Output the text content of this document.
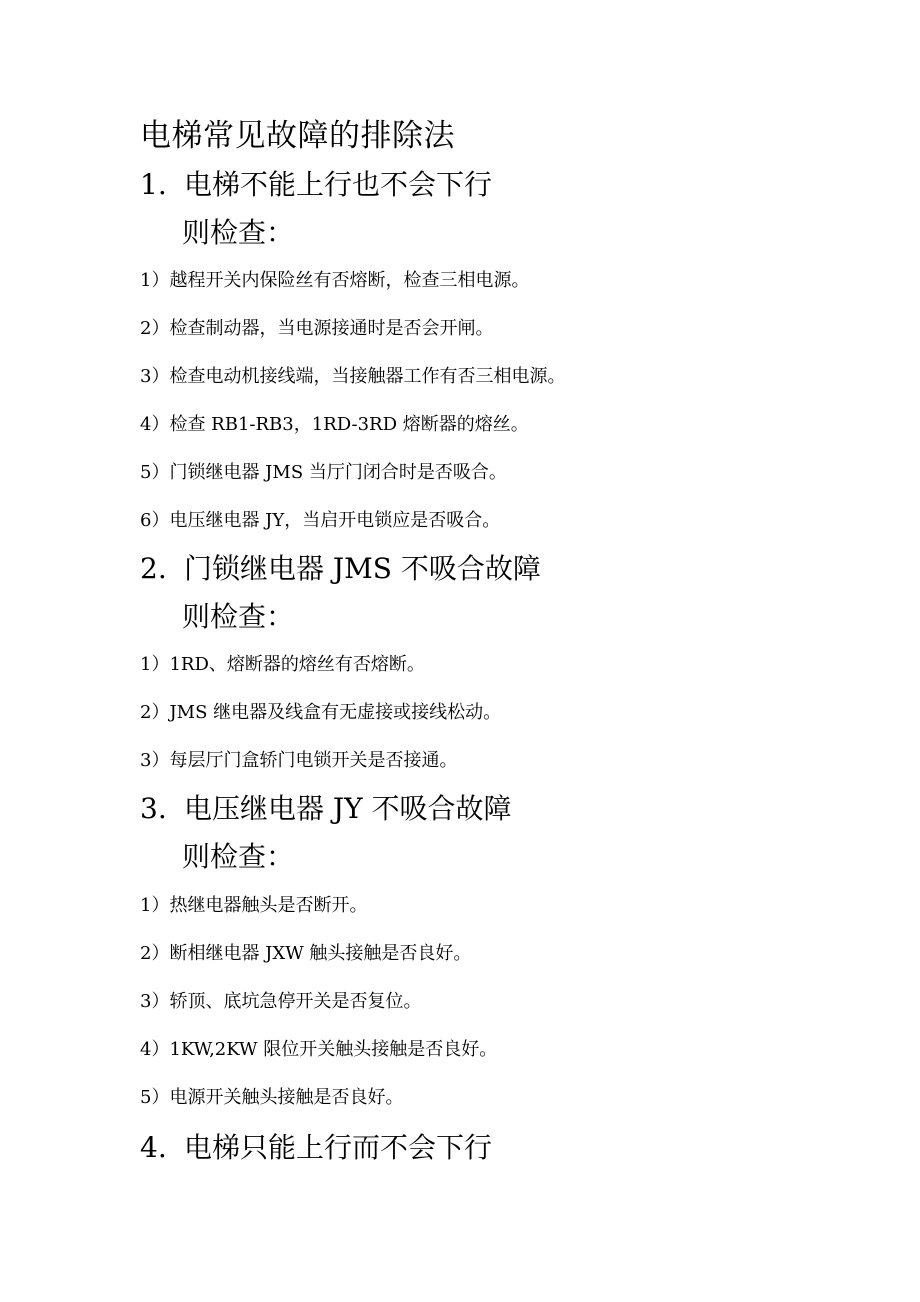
电梯常见故障的排除法
1. 电梯不能上行也不会下行
则检查：
1）越程开关内保险丝有否熔断，检查三相电源。
2）检查制动器，当电源接通时是否会开闸。
3）检查电动机接线端，当接触器工作有否三相电源。
4）检查 RB1-RB3，1RD-3RD 熔断器的熔丝。
5）门锁继电器 JMS 当厅门闭合时是否吸合。
6）电压继电器 JY，当启开电锁应是否吸合。
2. 门锁继电器 JMS 不吸合故障
则检查：
1）1RD、熔断器的熔丝有否熔断。
2）JMS 继电器及线盒有无虚接或接线松动。
3）每层厅门盒轿门电锁开关是否接通。
3. 电压继电器 JY 不吸合故障
则检查：
1）热继电器触头是否断开。
2）断相继电器 JXW 触头接触是否良好。
3）轿顶、底坑急停开关是否复位。
4）1KW,2KW 限位开关触头接触是否良好。
5）电源开关触头接触是否良好。
4. 电梯只能上行而不会下行
